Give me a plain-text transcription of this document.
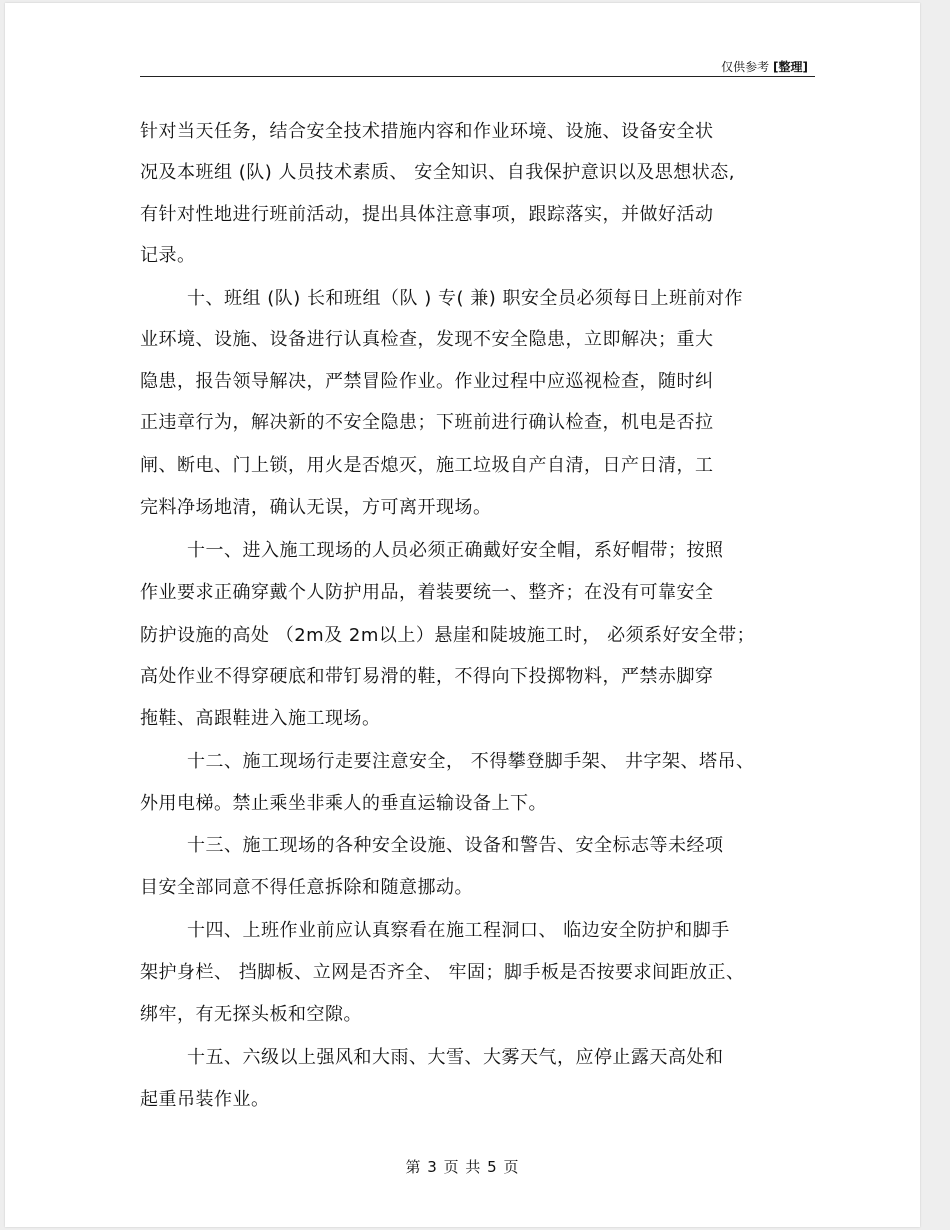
仅供参考 [整理]
针对当天任务，结合安全技术措施内容和作业环境、设施、设备安全状
况及本班组 (队) 人员技术素质、 安全知识、自我保护意识以及思想状态,
有针对性地进行班前活动，提出具体注意事项，跟踪落实，并做好活动
记录。
十、班组 (队) 长和班组（队 ) 专( 兼) 职安全员必须每日上班前对作
业环境、设施、设备进行认真检查，发现不安全隐患，立即解决；重大
隐患，报告领导解决，严禁冒险作业。作业过程中应巡视检查，随时纠
正违章行为，解决新的不安全隐患；下班前进行确认检查，机电是否拉
闸、断电、门上锁，用火是否熄灭，施工垃圾自产自清，日产日清，工
完料净场地清，确认无误，方可离开现场。
十一、进入施工现场的人员必须正确戴好安全帽，系好帽带；按照
作业要求正确穿戴个人防护用品，着装要统一、整齐；在没有可靠安全
防护设施的高处 （2m及 2m以上）悬崖和陡坡施工时， 必须系好安全带；
高处作业不得穿硬底和带钉易滑的鞋，不得向下投掷物料，严禁赤脚穿
拖鞋、高跟鞋进入施工现场。
十二、施工现场行走要注意安全， 不得攀登脚手架、 井字架、塔吊、
外用电梯。禁止乘坐非乘人的垂直运输设备上下。
十三、施工现场的各种安全设施、设备和警告、安全标志等未经项
目安全部同意不得任意拆除和随意挪动。
十四、上班作业前应认真察看在施工程洞口、 临边安全防护和脚手
架护身栏、 挡脚板、立网是否齐全、 牢固；脚手板是否按要求间距放正、
绑牢，有无探头板和空隙。
十五、六级以上强风和大雨、大雪、大雾天气，应停止露天高处和
起重吊装作业。
第 3 页 共 5 页
